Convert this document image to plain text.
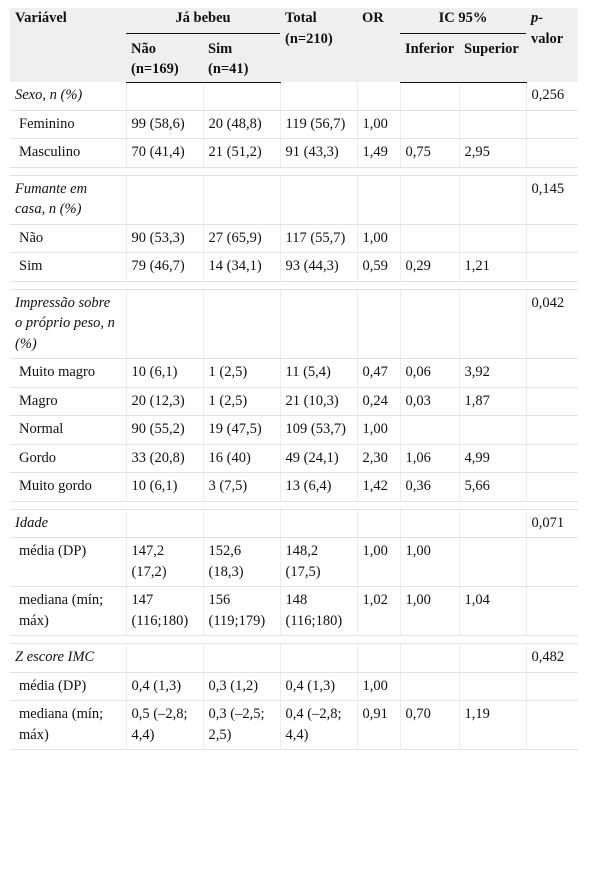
Variável	Já bebeu		Total (n=210)	OR	IC 95%		p-
valor
	Não (n=169)	Sim (n=41)			Inferior	Superior	
Sexo, n (%)							0,256
Feminino	99 (58,6)	20 (48,8)	119 (56,7)	1,00			
Masculino	70 (41,4)	21 (51,2)	91 (43,3)	1,49	0,75	2,95	

Fumante em casa, n (%)							0,145
Não	90 (53,3)	27 (65,9)	117 (55,7)	1,00			
Sim	79 (46,7)	14 (34,1)	93 (44,3)	0,59	0,29	1,21	

Impressão sobre o próprio peso, n (%)							0,042
Muito magro	10 (6,1)	1 (2,5)	11 (5,4)	0,47	0,06	3,92	
Magro	20 (12,3)	1 (2,5)	21 (10,3)	0,24	0,03	1,87	
Normal	90 (55,2)	19 (47,5)	109 (53,7)	1,00			
Gordo	33 (20,8)	16 (40)	49 (24,1)	2,30	1,06	4,99	
Muito gordo	10 (6,1)	3 (7,5)	13 (6,4)	1,42	0,36	5,66	

Idade							0,071
média (DP)	147,2 (17,2)	152,6 (18,3)	148,2 (17,5)	1,00	1,00		
mediana (mín; máx)	147 (116;180)	156 (119;179)	148 (116;180)	1,02	1,00	1,04	

Z escore IMC							0,482
média (DP)	0,4 (1,3)	0,3 (1,2)	0,4 (1,3)	1,00			
mediana (mín; máx)	0,5 (–2,8; 4,4)	0,3 (–2,5; 2,5)	0,4 (–2,8; 4,4)	0,91	0,70	1,19	
